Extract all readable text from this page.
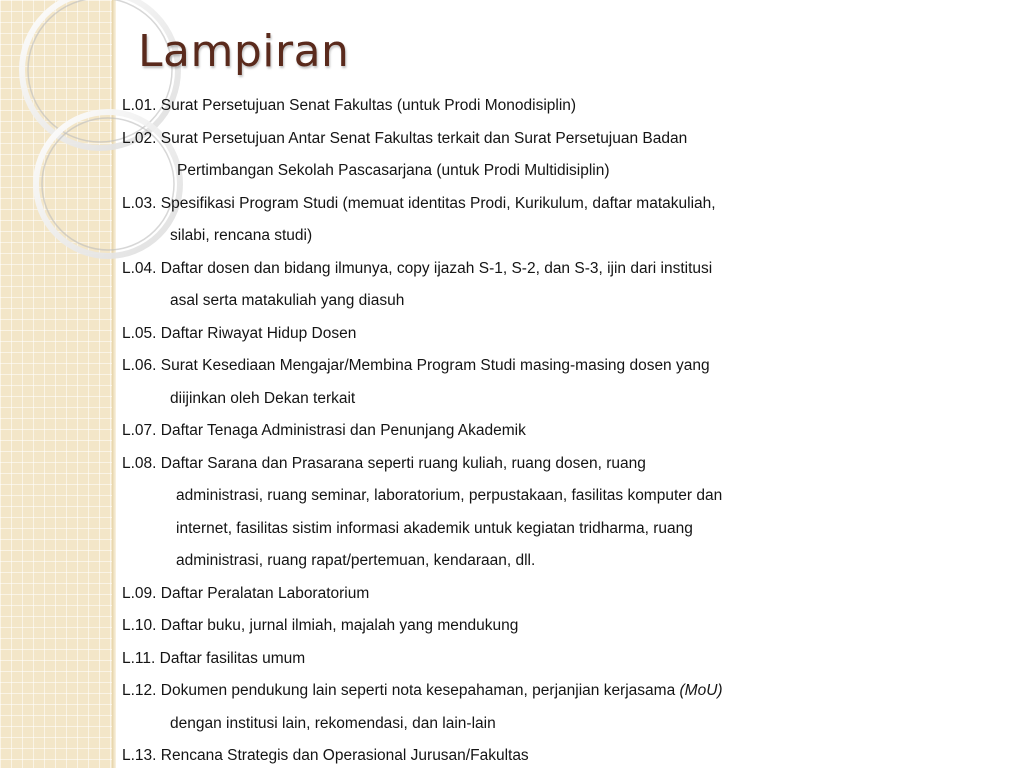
Lampiran
L.01. Surat Persetujuan Senat Fakultas (untuk Prodi Monodisiplin)
L.02. Surat Persetujuan Antar Senat Fakultas terkait dan Surat Persetujuan Badan
Pertimbangan Sekolah Pascasarjana (untuk Prodi Multidisiplin)
L.03. Spesifikasi Program Studi (memuat identitas Prodi, Kurikulum, daftar matakuliah,
silabi, rencana studi)
L.04. Daftar dosen dan bidang ilmunya, copy ijazah S-1, S-2, dan S-3, ijin dari institusi
asal serta matakuliah yang diasuh
L.05. Daftar Riwayat Hidup Dosen
L.06. Surat Kesediaan Mengajar/Membina Program Studi masing-masing dosen yang
diijinkan oleh Dekan terkait
L.07. Daftar Tenaga Administrasi dan Penunjang Akademik
L.08. Daftar Sarana dan Prasarana seperti ruang kuliah, ruang dosen, ruang
administrasi, ruang seminar, laboratorium, perpustakaan, fasilitas komputer dan
internet, fasilitas sistim informasi akademik untuk kegiatan tridharma, ruang
administrasi, ruang rapat/pertemuan, kendaraan, dll.
L.09. Daftar Peralatan Laboratorium
L.10. Daftar buku, jurnal ilmiah, majalah yang mendukung
L.11. Daftar fasilitas umum
L.12. Dokumen pendukung lain seperti nota kesepahaman, perjanjian kerjasama (MoU)
dengan institusi lain, rekomendasi, dan lain-lain
L.13. Rencana Strategis dan Operasional Jurusan/Fakultas
